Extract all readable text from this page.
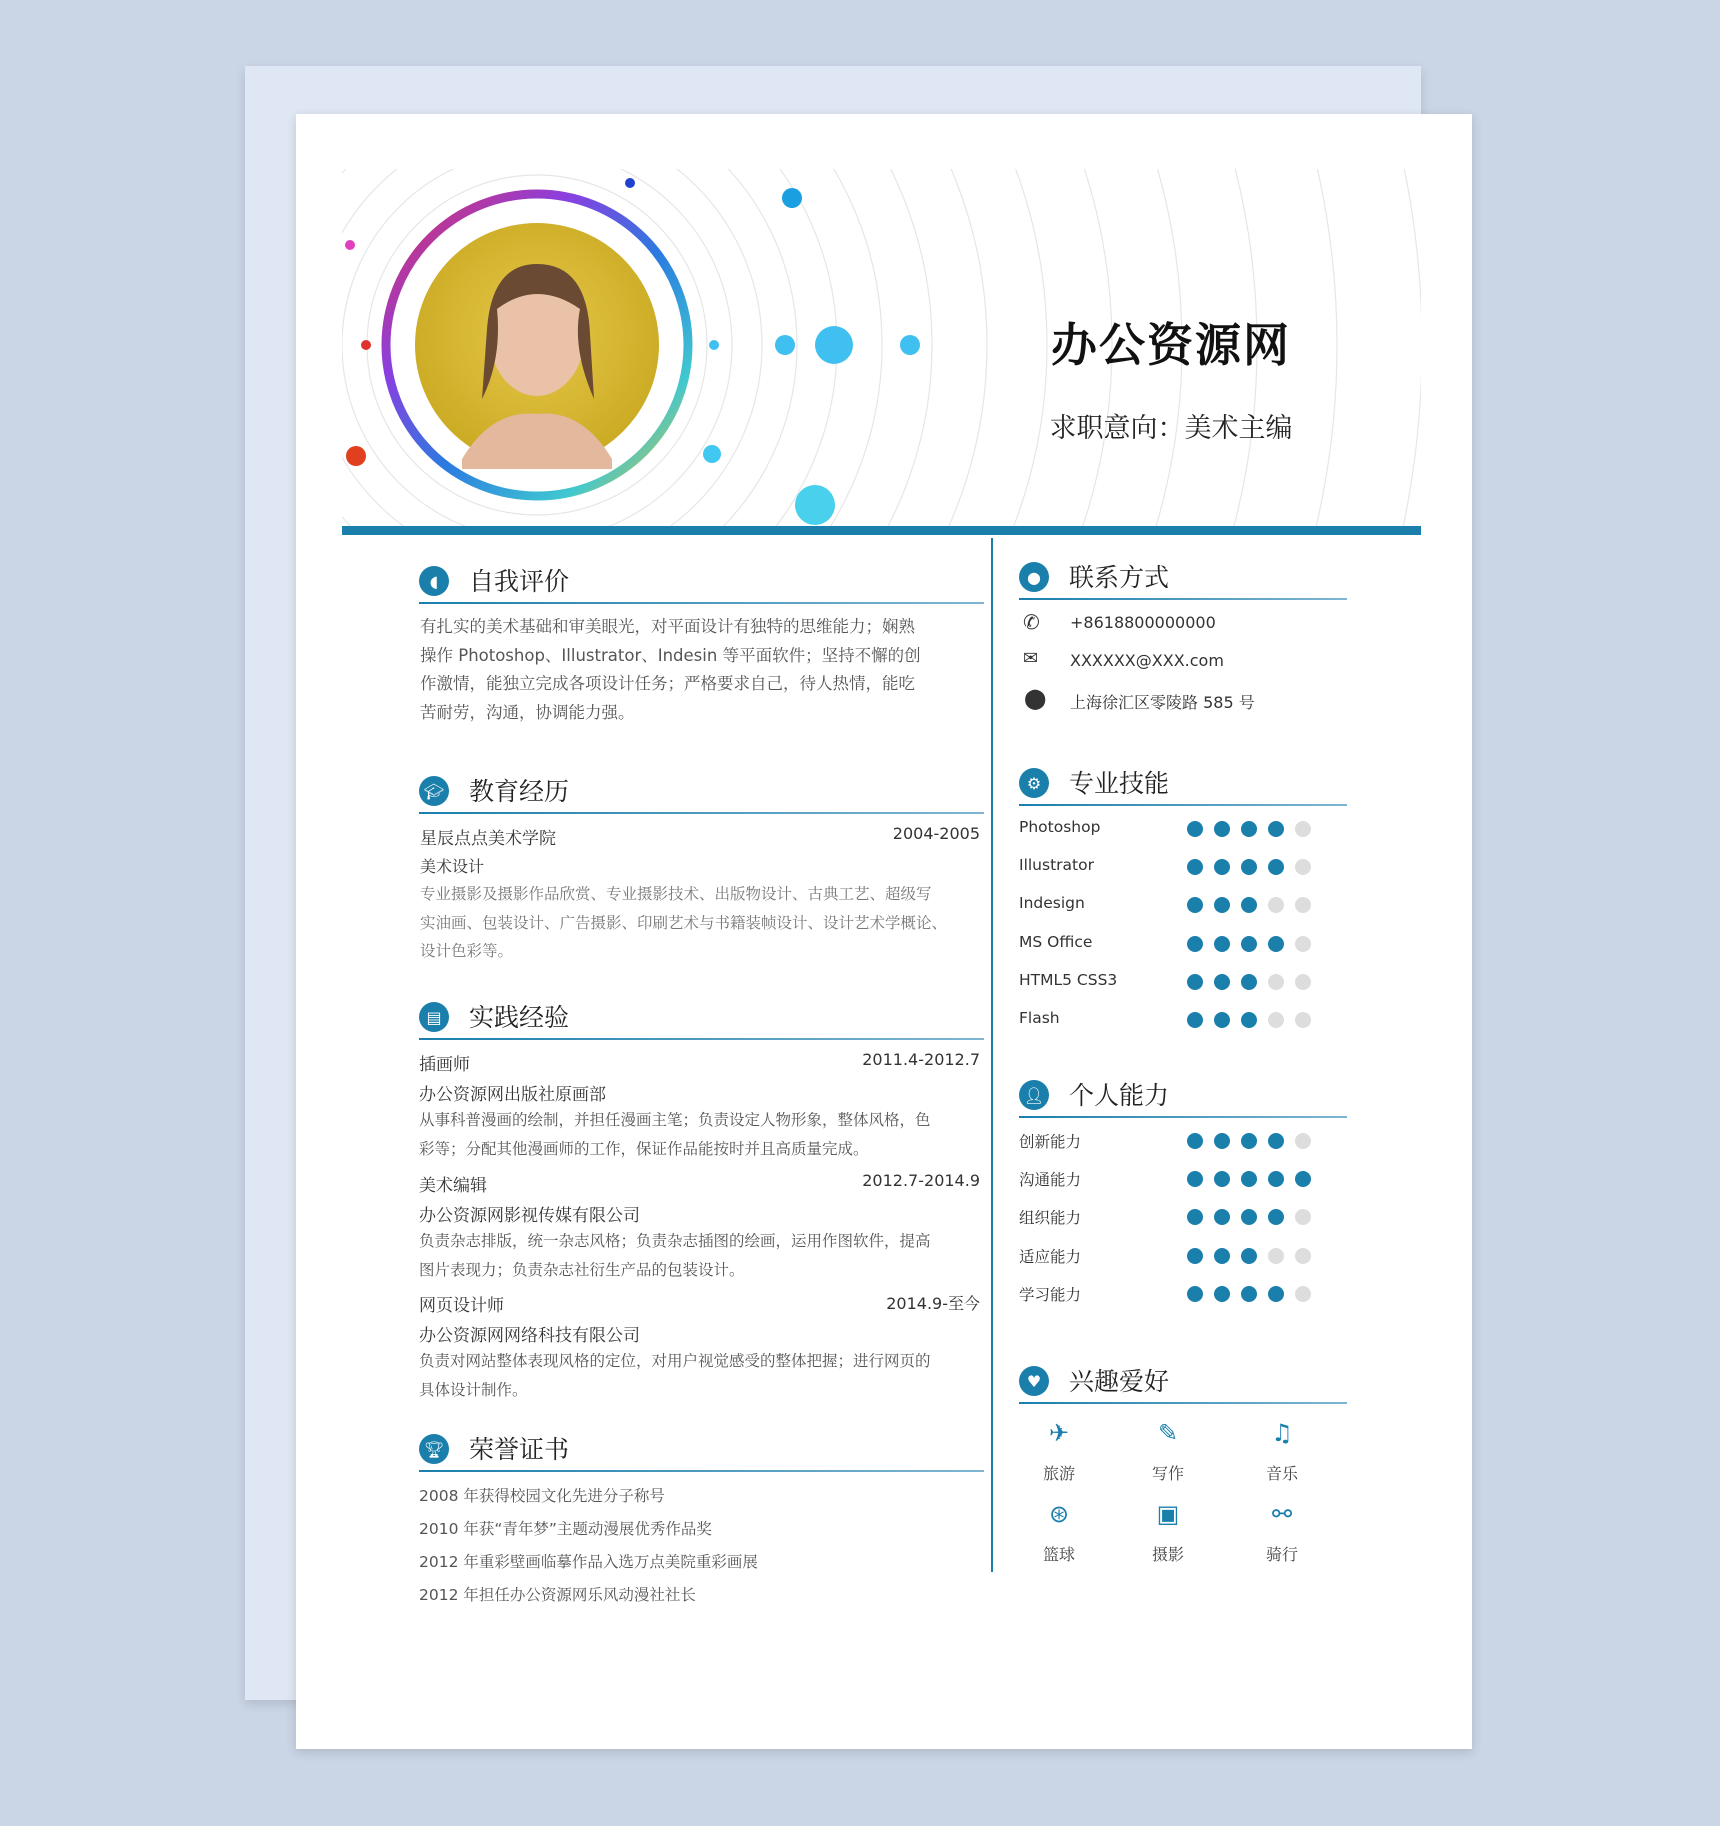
办公资源网
求职意向：美术主编
◖	自我评价
有扎实的美术基础和审美眼光，对平面设计有独特的思维能力；娴熟
操作 Photoshop、Illustrator、Indesin 等平面软件；坚持不懈的创
作激情，能独立完成各项设计任务；严格要求自己，待人热情，能吃
苦耐劳，沟通，协调能力强。
🎓︎ 教育经历
星辰点点美术学院	2004-2005
美术设计
专业摄影及摄影作品欣赏、专业摄影技术、出版物设计、古典工艺、超级写
实油画、包装设计、广告摄影、印刷艺术与书籍装帧设计、设计艺术学概论、
设计色彩等。
▤ 实践经验
插画师	2011.4-2012.7
办公资源网出版社原画部
从事科普漫画的绘制，并担任漫画主笔；负责设定人物形象，整体风格，色
彩等；分配其他漫画师的工作，保证作品能按时并且高质量完成。
美术编辑	2012.7-2014.9
办公资源网影视传媒有限公司
负责杂志排版，统一杂志风格；负责杂志插图的绘画，运用作图软件，提高
图片表现力；负责杂志社衍生产品的包装设计。
网页设计师	2014.9-至今
办公资源网网络科技有限公司
负责对网站整体表现风格的定位，对用户视觉感受的整体把握；进行网页的
具体设计制作。
🏆︎ 荣誉证书
2008 年获得校园文化先进分子称号
2010 年获“青年梦”主题动漫展优秀作品奖
2012 年重彩壁画临摹作品入选万点美院重彩画展
2012 年担任办公资源网乐风动漫社社长
●	联系方式
✆ +8618800000000
✉ XXXXXX@XXX.com
⬤ 上海徐汇区零陵路 585 号
⚙	专业技能
Photoshop
Illustrator
Indesign
MS Office
HTML5 CSS3
Flash
👤︎ 个人能力
创新能力
沟通能力
组织能力
适应能力
学习能力
♥	兴趣爱好
✈
旅游
✎
写作
♫
音乐
⊛
篮球
▣
摄影
⚯
骑行
